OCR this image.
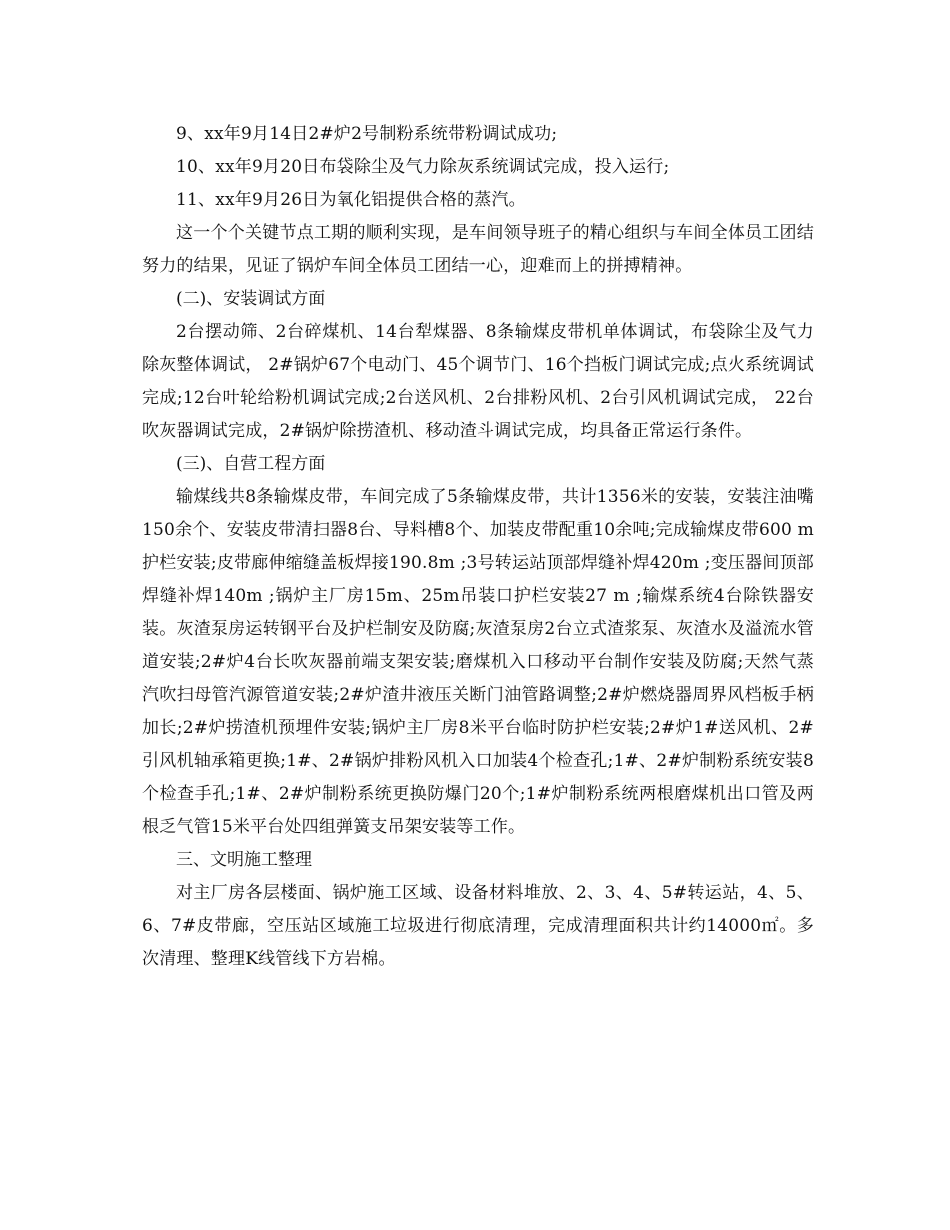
9、xx年9月14日2#炉2号制粉系统带粉调试成功;

10、xx年9月20日布袋除尘及气力除灰系统调试完成，投入运行;

11、xx年9月26日为氧化铝提供合格的蒸汽。

这一个个关键节点工期的顺利实现，是车间领导班子的精心组织与车间全体员工团结努力的结果，见证了锅炉车间全体员工团结一心，迎难而上的拼搏精神。

(二)、安装调试方面

2台摆动筛、2台碎煤机、14台犁煤器、8条输煤皮带机单体调试，布袋除尘及气力除灰整体调试， 2#锅炉67个电动门、45个调节门、16个挡板门调试完成;点火系统调试完成;12台叶轮给粉机调试完成;2台送风机、2台排粉风机、2台引风机调试完成， 22台吹灰器调试完成，2#锅炉除捞渣机、移动渣斗调试完成，均具备正常运行条件。

(三)、自营工程方面

输煤线共8条输煤皮带，车间完成了5条输煤皮带，共计1356米的安装，安装注油嘴150余个、安装皮带清扫器8台、导料槽8个、加装皮带配重10余吨;完成输煤皮带600 m护栏安装;皮带廊伸缩缝盖板焊接190.8m ;3号转运站顶部焊缝补焊420m ;变压器间顶部焊缝补焊140m ;锅炉主厂房15m、25m吊装口护栏安装27 m ;输煤系统4台除铁器安装。灰渣泵房运转钢平台及护栏制安及防腐;灰渣泵房2台立式渣浆泵、灰渣水及溢流水管道安装;2#炉4台长吹灰器前端支架安装;磨煤机入口移动平台制作安装及防腐;天然气蒸汽吹扫母管汽源管道安装;2#炉渣井液压关断门油管路调整;2#炉燃烧器周界风档板手柄加长;2#炉捞渣机预埋件安装;锅炉主厂房8米平台临时防护栏安装;2#炉1#送风机、2#引风机轴承箱更换;1#、2#锅炉排粉风机入口加装4个检查孔;1#、2#炉制粉系统安装8个检查手孔;1#、2#炉制粉系统更换防爆门20个;1#炉制粉系统两根磨煤机出口管及两根乏气管15米平台处四组弹簧支吊架安装等工作。

三、文明施工整理

对主厂房各层楼面、锅炉施工区域、设备材料堆放、2、3、4、5#转运站，4、5、6、7#皮带廊，空压站区域施工垃圾进行彻底清理，完成清理面积共计约14000㎡。多次清理、整理K线管线下方岩棉。
